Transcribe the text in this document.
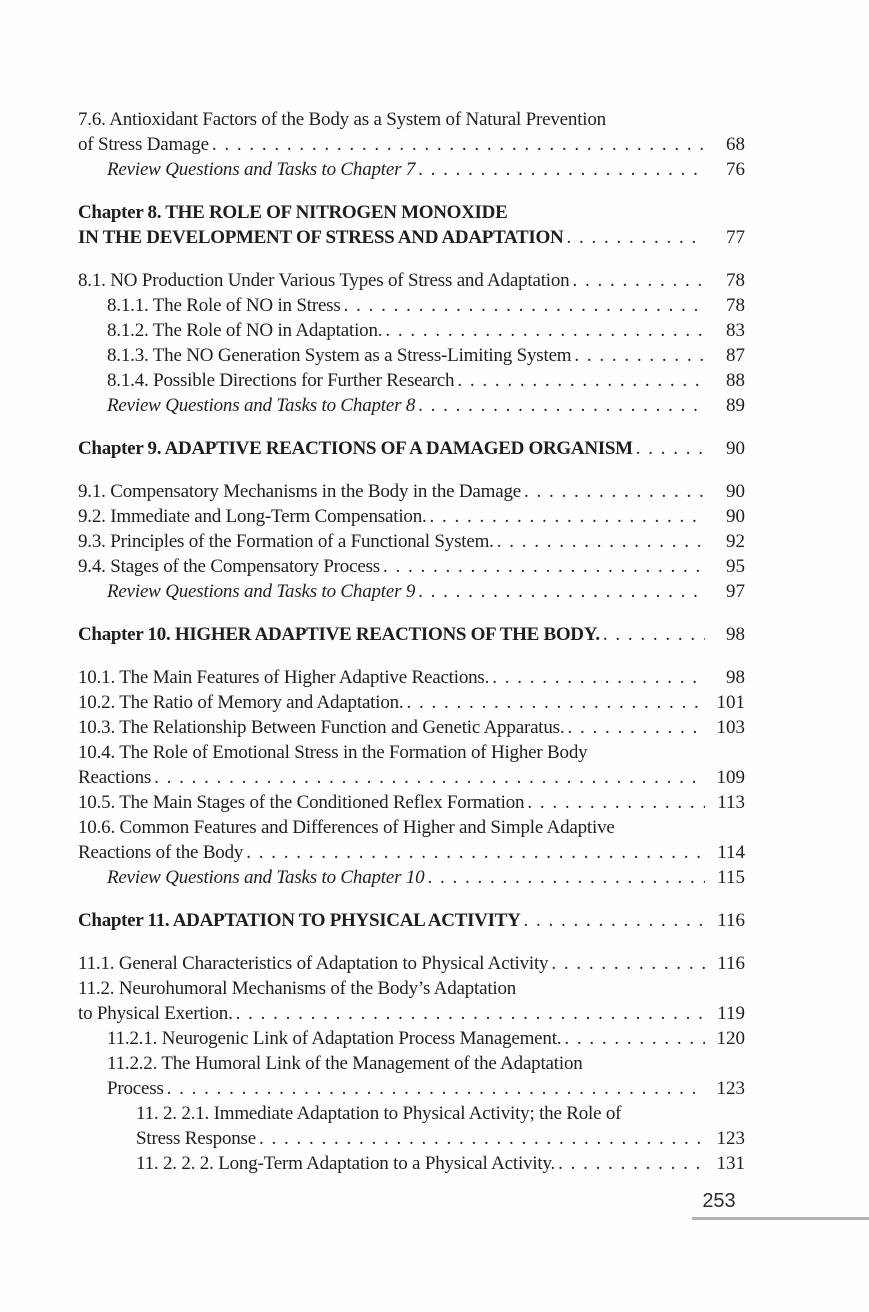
7.6. Antioxidant Factors of the Body as a System of Natural Prevention
of Stress Damage . . .	68
Review Questions and Tasks to Chapter 7 . . .	76
Chapter 8. THE ROLE OF NITROGEN MONOXIDE
IN THE DEVELOPMENT OF STRESS AND ADAPTATION . . .	77
8.1. NO Production Under Various Types of Stress and Adaptation . . .	78
8.1.1. The Role of NO in Stress . . .	78
8.1.2. The Role of NO in Adaptation. . . .	83
8.1.3. The NO Generation System as a Stress-Limiting System . . .	87
8.1.4. Possible Directions for Further Research . . .	88
Review Questions and Tasks to Chapter 8 . . .	89
Chapter 9. ADAPTIVE REACTIONS OF A DAMAGED ORGANISM . . .	90
9.1. Compensatory Mechanisms in the Body in the Damage . . .	90
9.2. Immediate and Long-Term Compensation. . . .	90
9.3. Principles of the Formation of a Functional System. . . .	92
9.4. Stages of the Compensatory Process . . .	95
Review Questions and Tasks to Chapter 9 . . .	97
Chapter 10. HIGHER ADAPTIVE REACTIONS OF THE BODY. . . .	98
10.1. The Main Features of Higher Adaptive Reactions. . . .	98
10.2. The Ratio of Memory and Adaptation. . . .	101
10.3. The Relationship Between Function and Genetic Apparatus. . . .	103
10.4. The Role of Emotional Stress in the Formation of Higher Body
Reactions . . .	109
10.5. The Main Stages of the Conditioned Reflex Formation . . .	113
10.6. Common Features and Differences of Higher and Simple Adaptive
Reactions of the Body . . .	114
Review Questions and Tasks to Chapter 10 . . .	115
Chapter 11. ADAPTATION TO PHYSICAL ACTIVITY . . .	116
11.1. General Characteristics of Adaptation to Physical Activity . . .	116
11.2. Neurohumoral Mechanisms of the Body’s Adaptation
to Physical Exertion. . . .	119
11.2.1. Neurogenic Link of Adaptation Process Management. . . .	120
11.2.2. The Humoral Link of the Management of the Adaptation
Process . . .	123
11. 2. 2.1. Immediate Adaptation to Physical Activity; the Role of
Stress Response . . .	123
11. 2. 2. 2. Long-Term Adaptation to a Physical Activity. . . .	131
253
